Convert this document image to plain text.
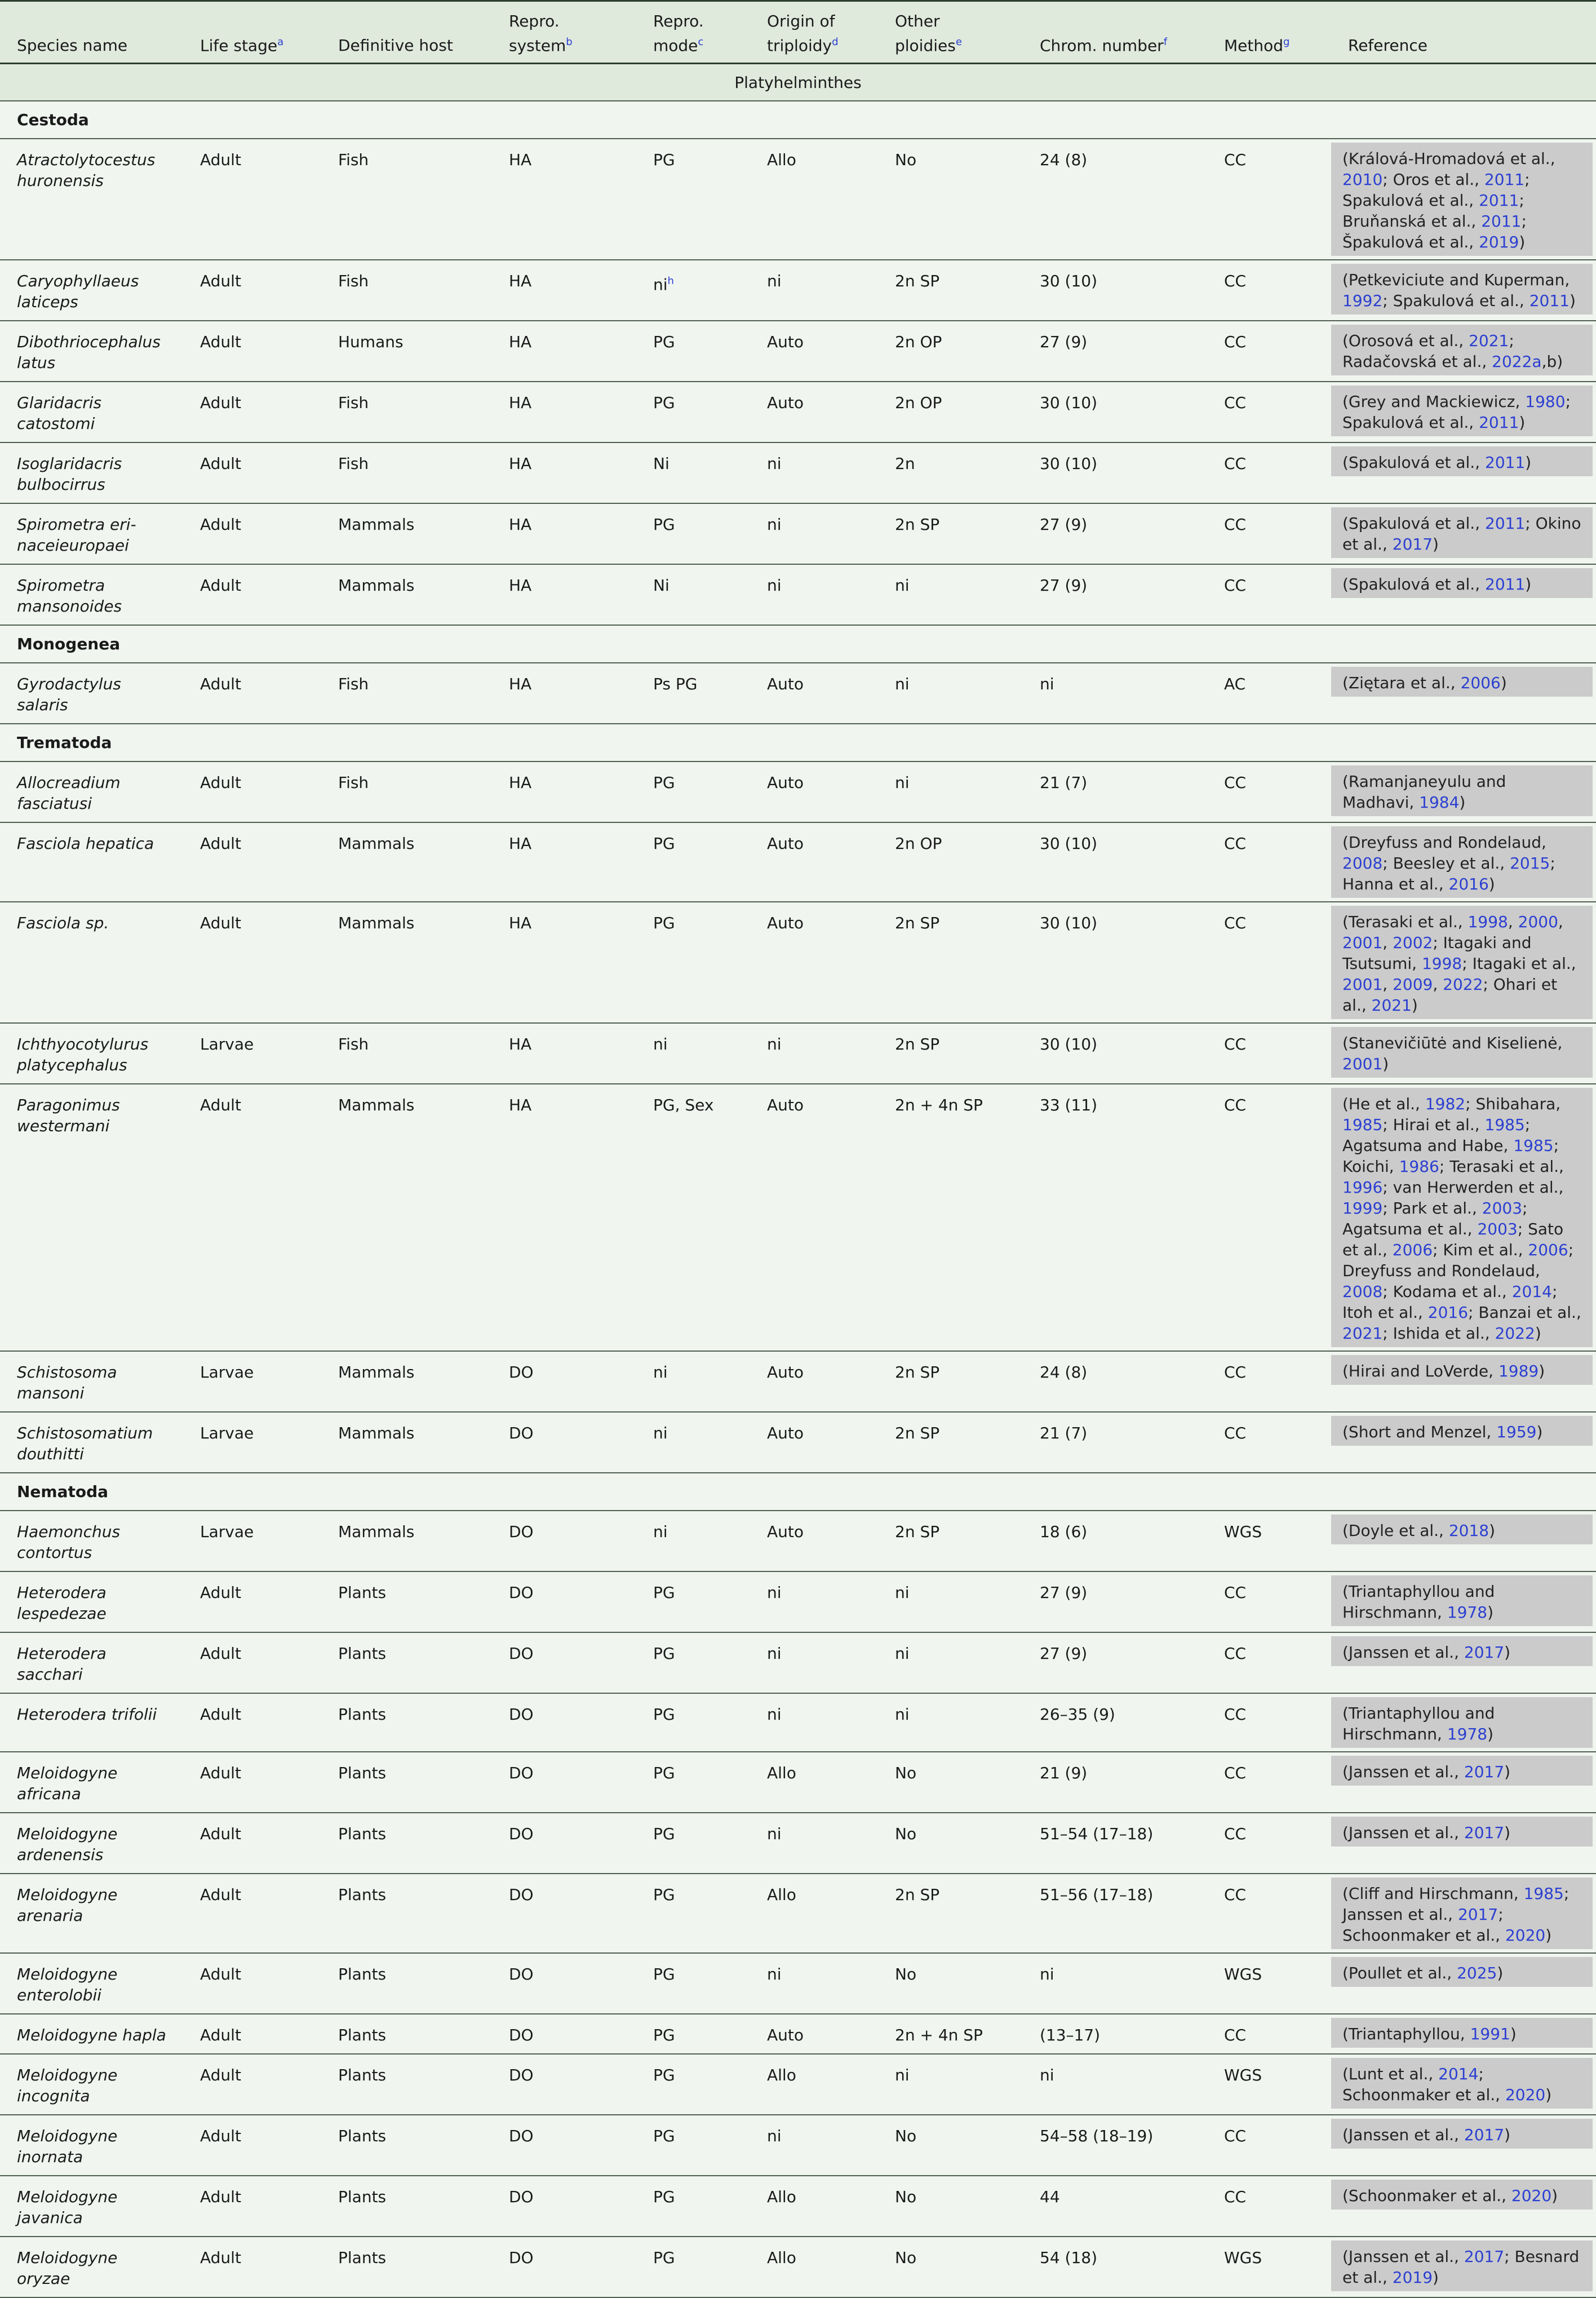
Species name	Life stage$^a$	Definitive host	Repro. system$^b$	Repro. mode$^c$	Origin of triploidy$^d$	Other ploidies$^e$	Chrom. number$^f$	Method$^g$	Reference
Platyhelminthes									
Cestoda									
Atractolytocestus huronensis	Adult	Fish	HA	PG	Allo	No	24 (8)	CC	(Králová-Hromadová et al., 2010; Oros et al., 2011; Spakulová et al., 2011; Bruňanská et al., 2011; Špakulová et al., 2019)

Caryophyllaeus laticeps	Adult	Fish	HA	$ni^h$	ni	2n SP	30 (10)	CC	(Petkeviciute and Kuperman, 1992; Spakulová et al., 2011)

Dibothriocephalus latus	Adult	Humans	HA	PG	Auto	2n OP	27 (9)	CC	(Orosová et al., 2021; Radačovská et al., 2022a,b)

Glaridacris catostomi	Adult	Fish	HA	PG	Auto	2n OP	30 (10)	CC	(Grey and Mackiewicz, 1980; Spakulová et al., 2011)

Isoglaridacris bulbocirrus	Adult	Fish	HA	Ni	ni	2n	30 (10)	CC	(Spakulová et al., 2011)

Spirometra eri-naceieuropaei	Adult	Mammals	HA	PG	ni	2n SP	27 (9)	CC	(Spakulová et al., 2011; Okino et al., 2017)

Spirometra mansonoides	Adult	Mammals	HA	Ni	ni	ni	27 (9)	CC	(Spakulová et al., 2011)

Monogenea									
Gyrodactylus salaris	Adult	Fish	HA	Ps PG	Auto	ni	ni	AC	(Ziętara et al., 2006)

Trematoda									
Allocreadium fasciatusi	Adult	Fish	HA	PG	Auto	ni	21 (7)	CC	(Ramanjaneyulu and Madhavi, 1984)

Fasciola hepatica	Adult	Mammals	HA	PG	Auto	2n OP	30 (10)	CC	(Dreyfuss and Rondelaud, 2008; Beesley et al., 2015; Hanna et al., 2016)

Fasciola sp.	Adult	Mammals	HA	PG	Auto	2n SP	30 (10)	CC	(Terasaki et al., 1998, 2000, 2001, 2002; Itagaki and Tsutsumi, 1998; Itagaki et al., 2001, 2009, 2022; Ohari et al., 2021)

Ichthyocotylurus platycephalus	Larvae	Fish	HA	ni	ni	2n SP	30 (10)	CC	(Stanevičiūtė and Kiselienė, 2001)

Paragonimus westermani	Adult	Mammals	HA	PG, Sex	Auto	2n + 4n SP	33 (11)	CC	(He et al., 1982; Shibahara, 1985; Hirai et al., 1985; Agatsuma and Habe, 1985; Koichi, 1986; Terasaki et al., 1996; van Herwerden et al., 1999; Park et al., 2003; Agatsuma et al., 2003; Sato et al., 2006; Kim et al., 2006; Dreyfuss and Rondelaud, 2008; Kodama et al., 2014; Itoh et al., 2016; Banzai et al., 2021; Ishida et al., 2022)

Schistosoma mansoni	Larvae	Mammals	DO	ni	Auto	2n SP	24 (8)	CC	(Hirai and LoVerde, 1989)

Schistosomatium douthitti	Larvae	Mammals	DO	ni	Auto	2n SP	21 (7)	CC	(Short and Menzel, 1959)

Nematoda									
Haemonchus contortus	Larvae	Mammals	DO	ni	Auto	2n SP	18 (6)	WGS	(Doyle et al., 2018)

Heterodera lespedezae	Adult	Plants	DO	PG	ni	ni	27 (9)	CC	(Triantaphyllou and Hirschmann, 1978)

Heterodera sacchari	Adult	Plants	DO	PG	ni	ni	27 (9)	CC	(Janssen et al., 2017)

Heterodera trifolii	Adult	Plants	DO	PG	ni	ni	26–35 (9)	CC	(Triantaphyllou and Hirschmann, 1978)

Meloidogyne africana	Adult	Plants	DO	PG	Allo	No	21 (9)	CC	(Janssen et al., 2017)

Meloidogyne ardenensis	Adult	Plants	DO	PG	ni	No	51–54 (17–18)	CC	(Janssen et al., 2017)

Meloidogyne arenaria	Adult	Plants	DO	PG	Allo	2n SP	51–56 (17–18)	CC	(Cliff and Hirschmann, 1985; Janssen et al., 2017; Schoonmaker et al., 2020)

Meloidogyne enterolobii	Adult	Plants	DO	PG	ni	No	ni	WGS	(Poullet et al., 2025)

Meloidogyne hapla	Adult	Plants	DO	PG	Auto	2n + 4n SP	(13–17)	CC	(Triantaphyllou, 1991)

Meloidogyne incognita	Adult	Plants	DO	PG	Allo	ni	ni	WGS	(Lunt et al., 2014; Schoonmaker et al., 2020)

Meloidogyne inornata	Adult	Plants	DO	PG	ni	No	54–58 (18–19)	CC	(Janssen et al., 2017)

Meloidogyne javanica	Adult	Plants	DO	PG	Allo	No	44	CC	(Schoonmaker et al., 2020)

Meloidogyne oryzae	Adult	Plants	DO	PG	Allo	No	54 (18)	WGS	(Janssen et al., 2017; Besnard et al., 2019)
